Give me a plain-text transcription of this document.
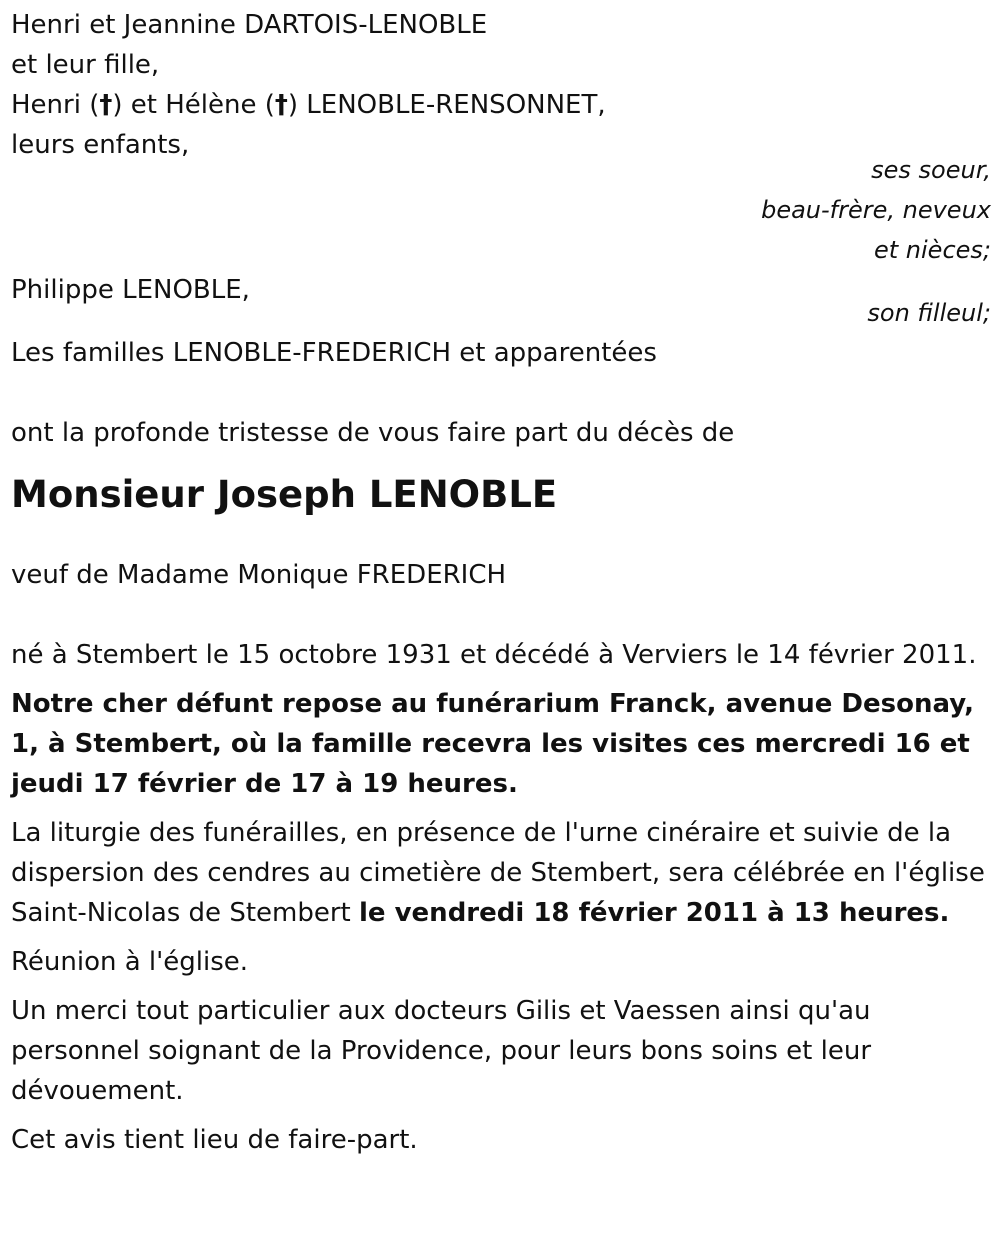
Henri et Jeannine DARTOIS-LENOBLE
et leur fille,
Henri (†) et Hélène (†) LENOBLE-RENSONNET,
leurs enfants,
ses soeur,
beau-frère, neveux
et nièces;
Philippe LENOBLE,
son filleul;
Les familles LENOBLE-FREDERICH et apparentées
ont la profonde tristesse de vous faire part du décès de
Monsieur Joseph LENOBLE
veuf de Madame Monique FREDERICH
né à Stembert le 15 octobre 1931 et décédé à Verviers le 14 février 2011.
Notre cher défunt repose au funérarium Franck, avenue Desonay, 1, à Stembert, où la famille recevra les visites ces mercredi 16 et jeudi 17 février de 17 à 19 heures.
La liturgie des funérailles, en présence de l'urne cinéraire et suivie de la dispersion des cendres au cimetière de Stembert, sera célébrée en l'église Saint-Nicolas de Stembert le vendredi 18 février 2011 à 13 heures.
Réunion à l'église.
Un merci tout particulier aux docteurs Gilis et Vaessen ainsi qu'au personnel soignant de la Providence, pour leurs bons soins et leur dévouement.
Cet avis tient lieu de faire-part.
